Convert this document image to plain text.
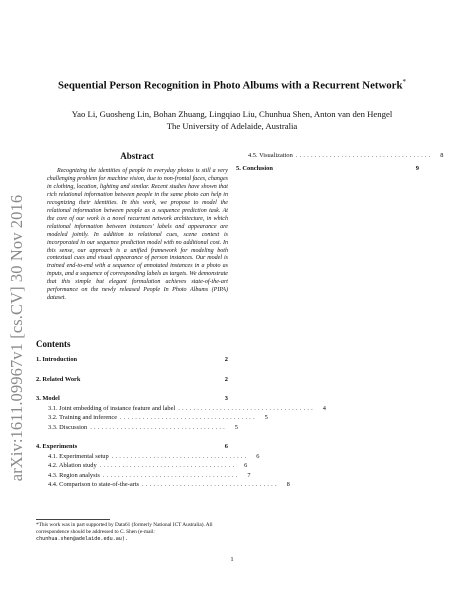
arXiv:1611.09967v1 [cs.CV] 30 Nov 2016
Sequential Person Recognition in Photo Albums with a Recurrent Network*
Yao Li, Guosheng Lin, Bohan Zhuang, Lingqiao Liu, Chunhua Shen, Anton van den Hengel
The University of Adelaide, Australia
Abstract

Recognizing the identities of people in everyday photos is still a very challenging problem for machine vision, due to non-frontal faces, changes in clothing, location, lighting and similar. Recent studies have shown that rich relational information between people in the same photo can help in recognizing their identities. In this work, we propose to model the relational information between people as a sequence prediction task. At the core of our work is a novel recurrent network architecture, in which relational information between instances' labels and appearance are modeled jointly. In addition to relational cues, scene context is incorporated in our sequence prediction model with no additional cost. In this sense, our approach is a unified framework for modeling both contextual cues and visual appearance of person instances. Our model is trained end-to-end with a sequence of annotated instances in a photo as inputs, and a sequence of corresponding labels as targets. We demonstrate that this simple but elegant formulation achieves state-of-the-art performance on the newly released People In Photo Albums (PIPA) dataset.

Contents
1. Introduction	2
2. Related Work	2
3. Model	3
3.1. Joint embedding of instance feature and label ....................................	4
3.2. Training and inference ....................................	5
3.3. Discussion ....................................	5
4. Experiments	6
4.1. Experimental setup ....................................	6
4.2. Ablation study ....................................	6
4.3. Region analysis ....................................	7
4.4. Comparison to state-of-the-arts ....................................	8
4.5. Visualization ....................................	8
5. Conclusion	9
*This work was in part supported by Data61 (formerly National ICT Australia). All correspondence should be addressed to C. Shen (e-mail: chunhua.shen@adelaide.edu.au).
1
